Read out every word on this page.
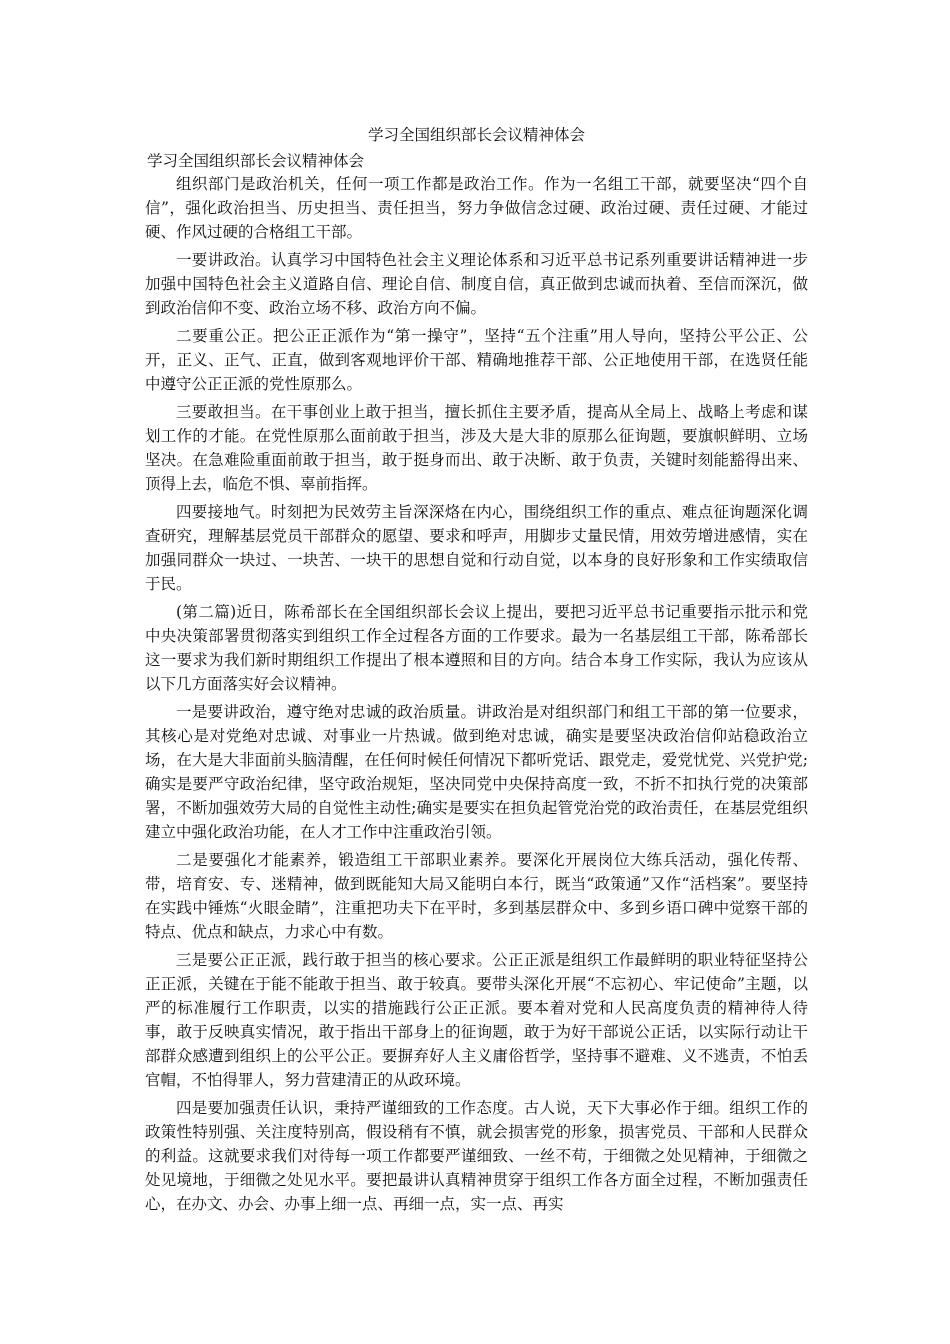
学习全国组织部长会议精神体会
学习全国组织部长会议精神体会

组织部门是政治机关，任何一项工作都是政治工作。作为一名组工干部，就要坚决“四个自信”，强化政治担当、历史担当、责任担当，努力争做信念过硬、政治过硬、责任过硬、才能过硬、作风过硬的合格组工干部。

一要讲政治。认真学习中国特色社会主义理论体系和习近平总书记系列重要讲话精神进一步加强中国特色社会主义道路自信、理论自信、制度自信，真正做到忠诚而执着、至信而深沉，做到政治信仰不变、政治立场不移、政治方向不偏。

二要重公正。把公正正派作为“第一操守”，坚持“五个注重”用人导向，坚持公平公正、公开，正义、正气、正直，做到客观地评价干部、精确地推荐干部、公正地使用干部，在选贤任能中遵守公正正派的党性原那么。

三要敢担当。在干事创业上敢于担当，擅长抓住主要矛盾，提高从全局上、战略上考虑和谋划工作的才能。在党性原那么面前敢于担当，涉及大是大非的原那么征询题，要旗帜鲜明、立场坚决。在急难险重面前敢于担当，敢于挺身而出、敢于决断、敢于负责，关键时刻能豁得出来、顶得上去，临危不惧、辜前指挥。

四要接地气。时刻把为民效劳主旨深深烙在内心，围绕组织工作的重点、难点征询题深化调查研究，理解基层党员干部群众的愿望、要求和呼声，用脚步丈量民情，用效劳增进感情，实在加强同群众一块过、一块苦、一块干的思想自觉和行动自觉，以本身的良好形象和工作实绩取信于民。

(第二篇)近日，陈希部长在全国组织部长会议上提出，要把习近平总书记重要指示批示和党中央决策部署贯彻落实到组织工作全过程各方面的工作要求。最为一名基层组工干部，陈希部长这一要求为我们新时期组织工作提出了根本遵照和目的方向。结合本身工作实际，我认为应该从以下几方面落实好会议精神。

一是要讲政治，遵守绝对忠诚的政治质量。讲政治是对组织部门和组工干部的第一位要求，其核心是对党绝对忠诚、对事业一片热诚。做到绝对忠诚，确实是要坚决政治信仰站稳政治立场，在大是大非面前头脑清醒，在任何时候任何情况下都听党话、跟党走，爱党忧党、兴党护党;确实是要严守政治纪律，坚守政治规矩，坚决同党中央保持高度一致，不折不扣执行党的决策部署，不断加强效劳大局的自觉性主动性;确实是要实在担负起管党治党的政治责任，在基层党组织建立中强化政治功能，在人才工作中注重政治引领。

二是要强化才能素养，锻造组工干部职业素养。要深化开展岗位大练兵活动，强化传帮、带，培育安、专、迷精神，做到既能知大局又能明白本行，既当“政策通”又作“活档案”。要坚持在实践中锤炼“火眼金睛”，注重把功夫下在平时，多到基层群众中、多到乡语口碑中觉察干部的特点、优点和缺点，力求心中有数。

三是要公正正派，践行敢于担当的核心要求。公正正派是组织工作最鲜明的职业特征坚持公正正派，关键在于能不能敢于担当、敢于较真。要带头深化开展“不忘初心、牢记使命”主题，以严的标准履行工作职责，以实的措施践行公正正派。要本着对党和人民高度负责的精神待人待事，敢于反映真实情况，敢于指出干部身上的征询题，敢于为好干部说公正话，以实际行动让干部群众感遭到组织上的公平公正。要摒弃好人主义庸俗哲学，坚持事不避难、义不逃责，不怕丢官帽，不怕得罪人，努力营建清正的从政环境。

四是要加强责任认识，秉持严谨细致的工作态度。古人说，天下大事必作于细。组织工作的政策性特别强、关注度特别高，假设稍有不慎，就会损害党的形象，损害党员、干部和人民群众的利益。这就要求我们对待每一项工作都要严谨细致、一丝不苟，于细微之处见精神，于细微之处见境地，于细微之处见水平。要把最讲认真精神贯穿于组织工作各方面全过程，不断加强责任心，在办文、办会、办事上细一点、再细一点，实一点、再实
